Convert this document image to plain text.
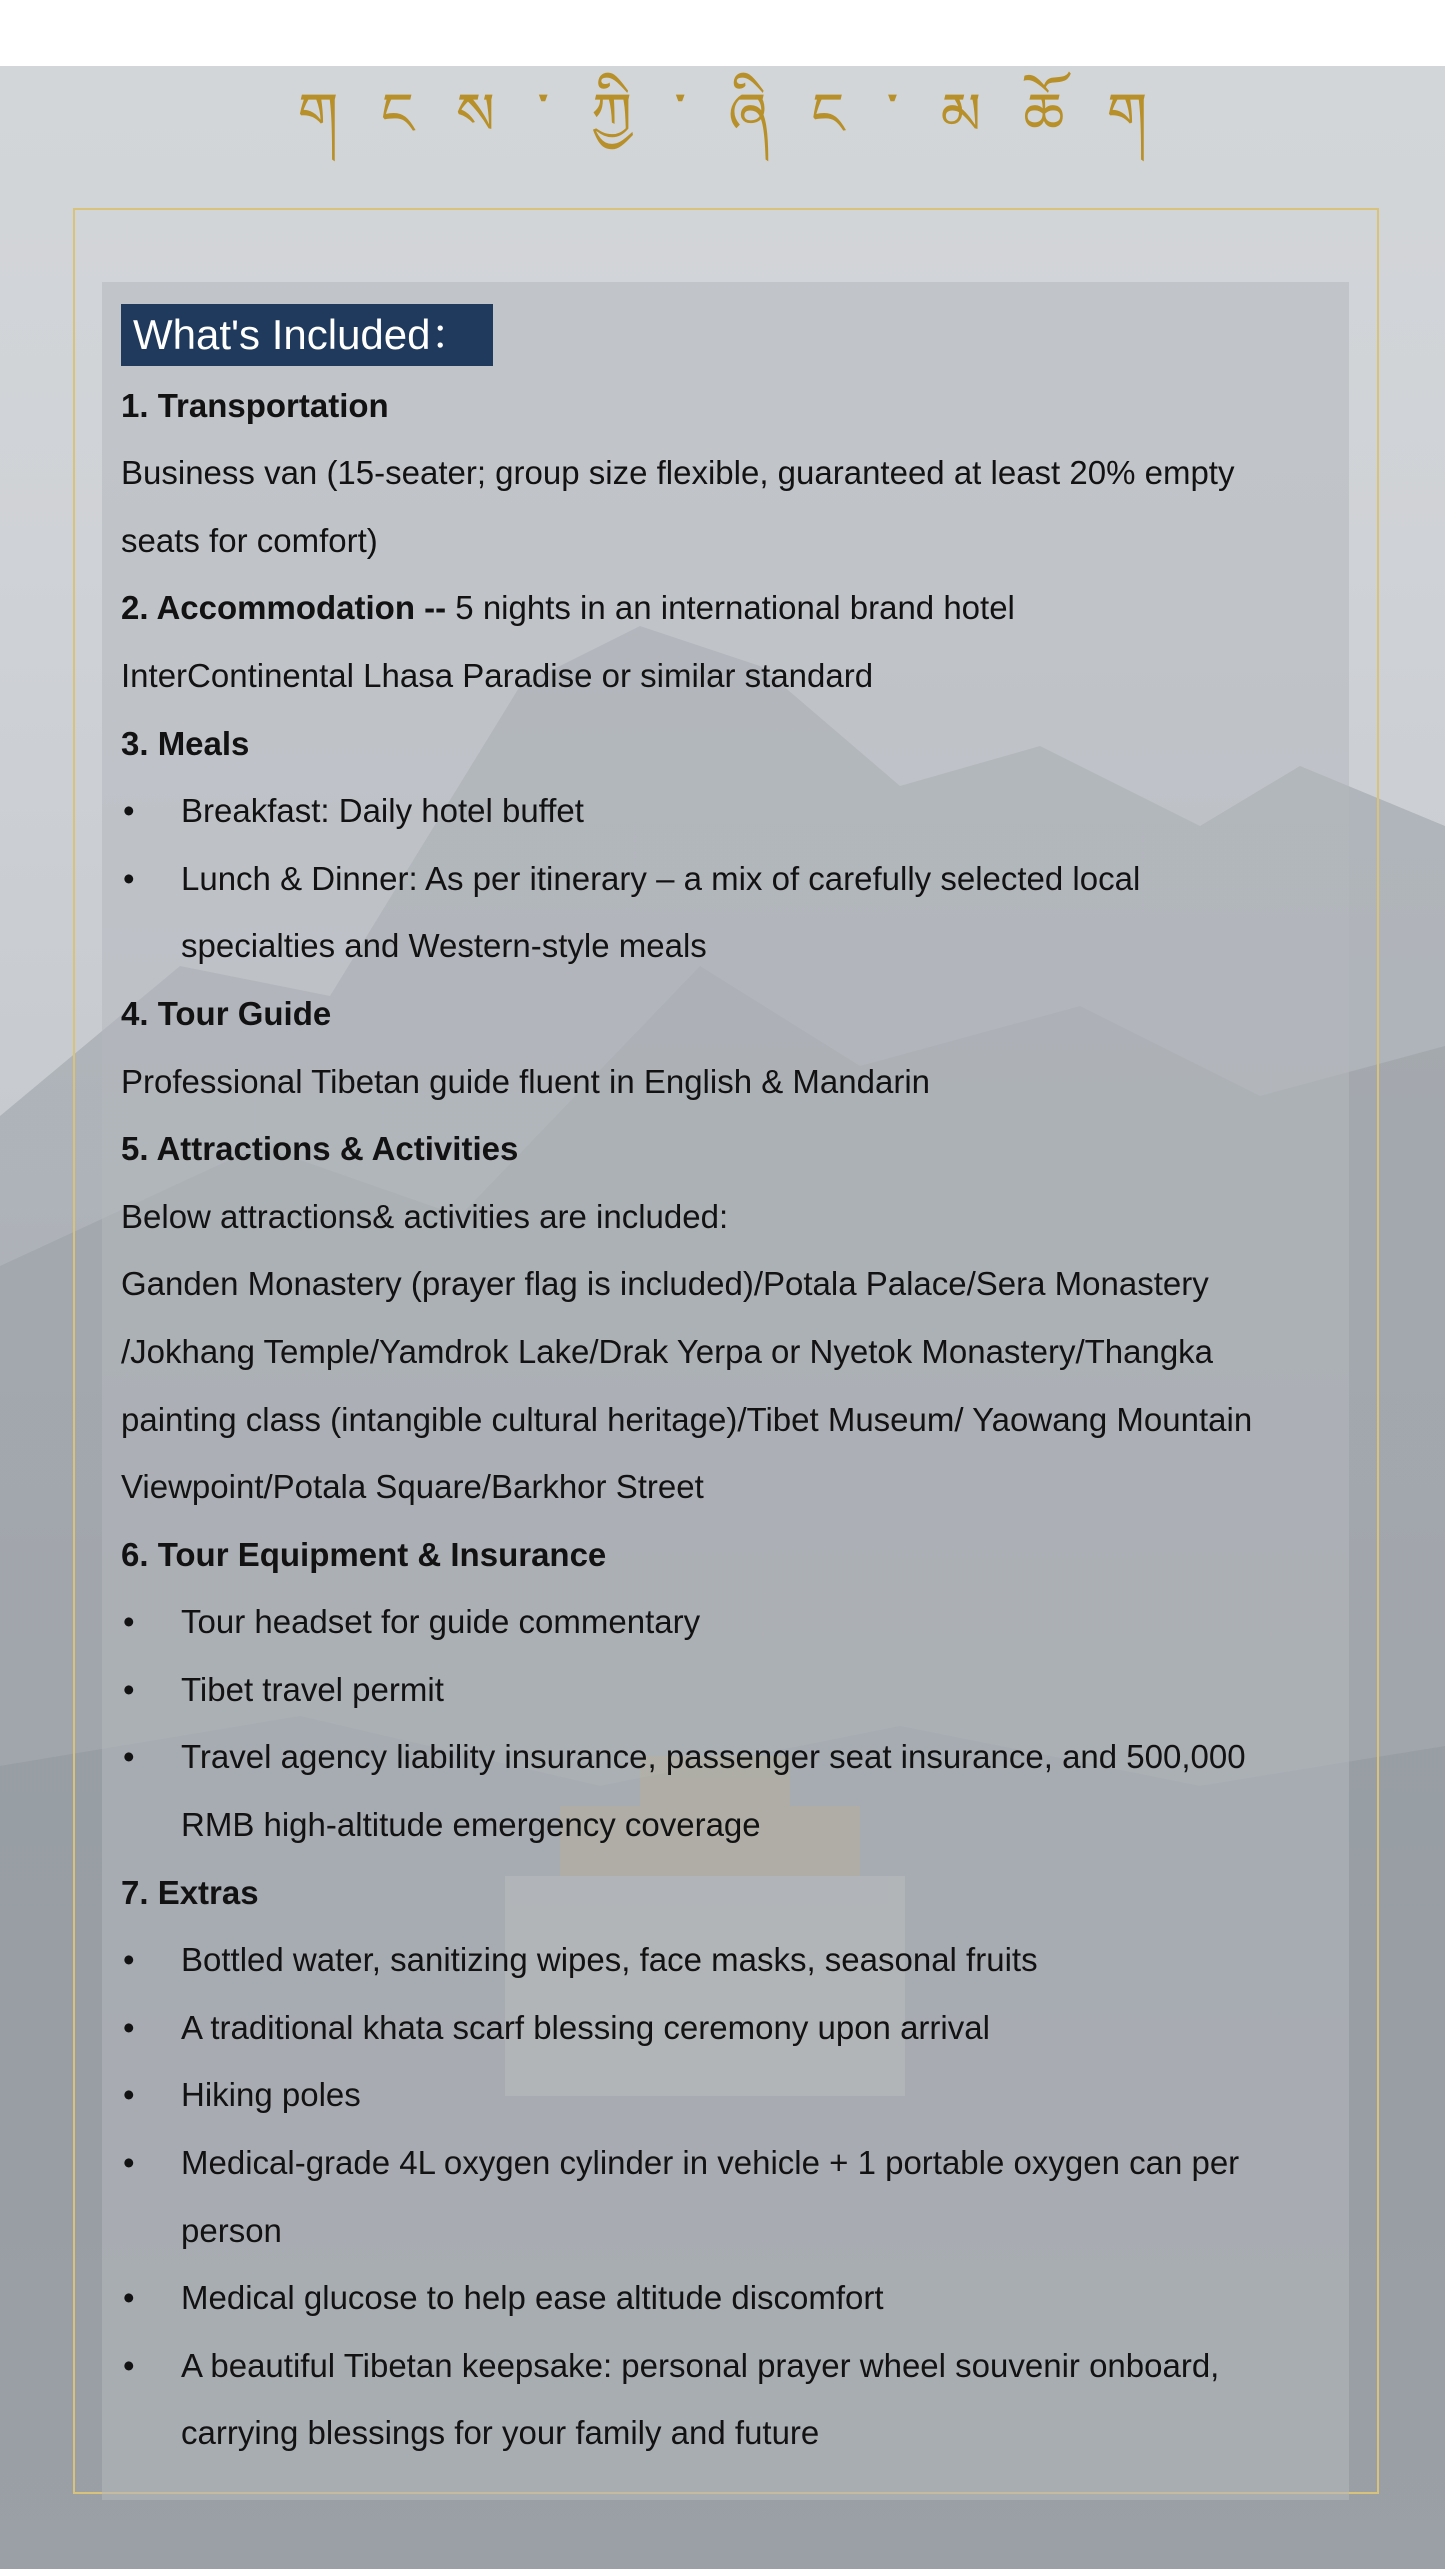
ག ང ས ་ ཀྱི ་ ཞི ང ་ མ ཆོ ག
What's Included：

1. Transportation

Business van (15-seater; group size flexible, guaranteed at least 20% empty

seats for comfort)

2. Accommodation -- 5 nights in an international brand hotel

InterContinental Lhasa Paradise or similar standard

3. Meals

•	Breakfast: Daily hotel buffet
•	Lunch & Dinner: As per itinerary – a mix of carefully selected local
specialties and Western-style meals

4. Tour Guide

Professional Tibetan guide fluent in English & Mandarin

5. Attractions & Activities

Below attractions& activities are included:

Ganden Monastery (prayer flag is included)/Potala Palace/Sera Monastery

/Jokhang Temple/Yamdrok Lake/Drak Yerpa or Nyetok Monastery/Thangka

painting class (intangible cultural heritage)/Tibet Museum/ Yaowang Mountain

Viewpoint/Potala Square/Barkhor Street

6. Tour Equipment & Insurance

•	Tour headset for guide commentary
•	Tibet travel permit
•	Travel agency liability insurance, passenger seat insurance, and 500,000
RMB high-altitude emergency coverage

7. Extras

•	Bottled water, sanitizing wipes, face masks, seasonal fruits
•	A traditional khata scarf blessing ceremony upon arrival
•	Hiking poles
•	Medical-grade 4L oxygen cylinder in vehicle + 1 portable oxygen can per
person
•	Medical glucose to help ease altitude discomfort
•	A beautiful Tibetan keepsake: personal prayer wheel souvenir onboard,
carrying blessings for your family and future
